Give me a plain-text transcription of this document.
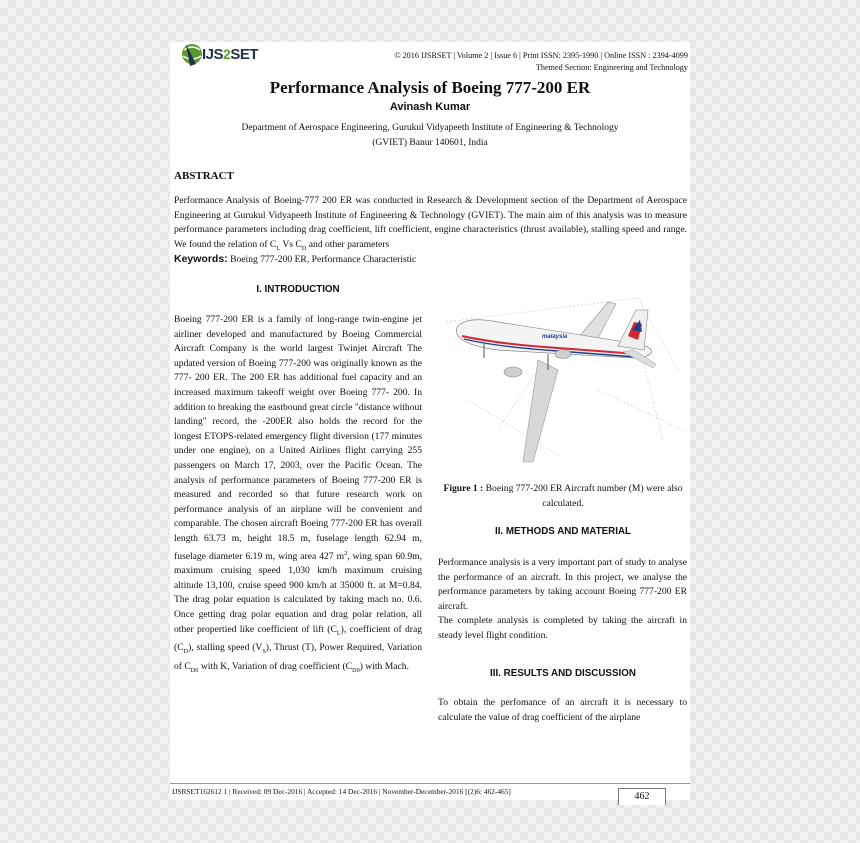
IJS2SET	© 2016 IJSRSET | Volume 2 | Issue 6 | Print ISSN: 2395-1990 | Online ISSN : 2394-4099
Themed Section: Engineering and Technology
Performance Analysis of Boeing 777-200 ER
Avinash Kumar
Department of Aerospace Engineering, Gurukul Vidyapeeth Institute of Engineering & Technology
(GVIET) Banur 140601, India
ABSTRACT
Performance Analysis of Boeing-777 200 ER was conducted in Research & Development section of the Department of Aerospace Engineering at Gurukul Vidyapeeth Institute of Engineering & Technology (GVIET). The main aim of this analysis was to measure performance parameters including drag coefficient, lift coefficient, engine characteristics (thrust available), stalling speed and range. We found the relation of $C_L$ Vs $C_D$ and other parameters
Keywords: Boeing 777-200 ER, Performance Characteristic
I. INTRODUCTION
Boeing 777-200 ER is a family of long-range twin-engine jet airliner developed and manufactured by Boeing Commercial Aircraft Company is the world largest Twinjet Aircraft The updated version of Boeing 777-200 was originally known as the 777- 200 ER. The 200 ER has additional fuel capacity and an increased maximum takeoff weight over Boeing 777- 200. In addition to breaking the eastbound great circle "distance without landing" record, the -200ER also holds the record for the longest ETOPS-related emergency flight diversion (177 minutes under one engine), on a United Airlines flight carrying 255 passengers on March 17, 2003, over the Pacific Ocean. The analysis of performance parameters of Boeing 777-200 ER is measured and recorded so that future research work on performance analysis of an airplane will be convenient and comparable. The chosen aircraft Boeing 777-200 ER has overall length 63.73 m, height 18.5 m, fuselage length 62.94 m, fuselage diameter 6.19 m, wing area 427 $m^2$, wing span 60.9m, maximum cruising speed 1,030 km/h maximum cruising altitude 13,100, cruise speed 900 km/h at 35000 ft. at M=0.84. The drag polar equation is calculated by taking mach no. 0.6. Once getting drag polar equation and drag polar relation, all other propertied like coefficient of lift $(C_L)$, coefficient of drag $(C_D)$, stalling speed $(V_S)$, Thrust (T), Power Required, Variation of $C_{D0}$ with K, Variation of drag coefficient $(C_{D0})$ with Mach.
malaysia
Figure 1 : Boeing 777-200 ER Aircraft number (M) were also calculated.
II. METHODS AND MATERIAL
Performance analysis is a very important part of study to analyse the performance of an aircraft. In this project, we analyse the performance parameters by taking account Boeing 777-200 ER aircraft.
The complete analysis is completed by taking the aircraft in steady level flight condition.
III. RESULTS AND DISCUSSION
To obtain the perfomance of an aircraft it is necessary to calculate the value of drag coefficient of the airplane
IJSRSET162612 1 | Received: 09 Dec-2016 | Accepted: 14 Dec-2016 | November-December-2016 [(2)6: 462-465]	462
